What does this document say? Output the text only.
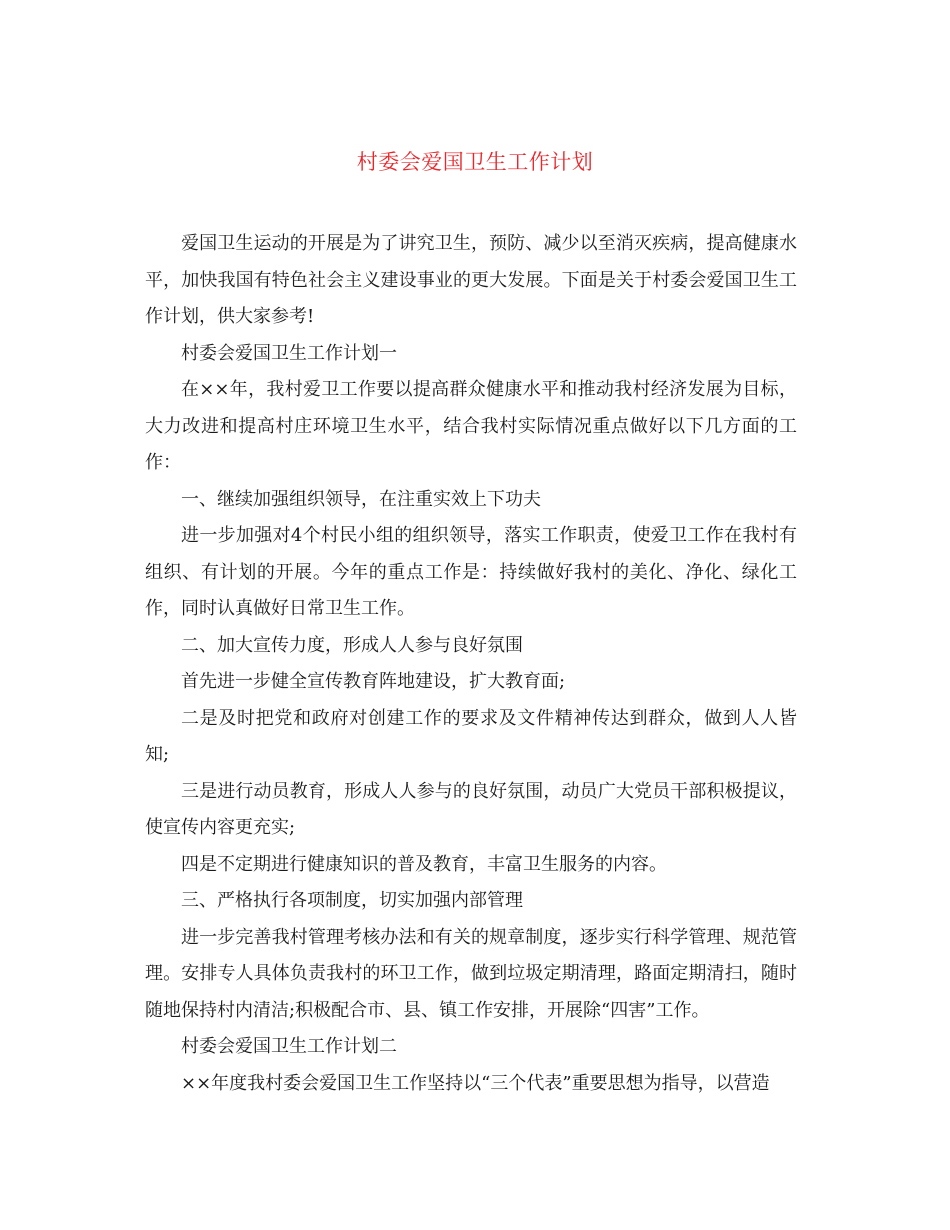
村委会爱国卫生工作计划

爱国卫生运动的开展是为了讲究卫生，预防、减少以至消灭疾病，提高健康水平，加快我国有特色社会主义建设事业的更大发展。下面是关于村委会爱国卫生工作计划，供大家参考!

村委会爱国卫生工作计划一

在××年，我村爱卫工作要以提高群众健康水平和推动我村经济发展为目标，大力改进和提高村庄环境卫生水平，结合我村实际情况重点做好以下几方面的工作：

一、继续加强组织领导，在注重实效上下功夫

进一步加强对4个村民小组的组织领导，落实工作职责，使爱卫工作在我村有组织、有计划的开展。今年的重点工作是：持续做好我村的美化、净化、绿化工作，同时认真做好日常卫生工作。

二、加大宣传力度，形成人人参与良好氛围

首先进一步健全宣传教育阵地建设，扩大教育面;

二是及时把党和政府对创建工作的要求及文件精神传达到群众，做到人人皆知;

三是进行动员教育，形成人人参与的良好氛围，动员广大党员干部积极提议，使宣传内容更充实;

四是不定期进行健康知识的普及教育，丰富卫生服务的内容。

三、严格执行各项制度，切实加强内部管理

进一步完善我村管理考核办法和有关的规章制度，逐步实行科学管理、规范管理。安排专人具体负责我村的环卫工作，做到垃圾定期清理，路面定期清扫，随时随地保持村内清洁;积极配合市、县、镇工作安排，开展除“四害”工作。

村委会爱国卫生工作计划二

××年度我村委会爱国卫生工作坚持以“三个代表”重要思想为指导，以营造
